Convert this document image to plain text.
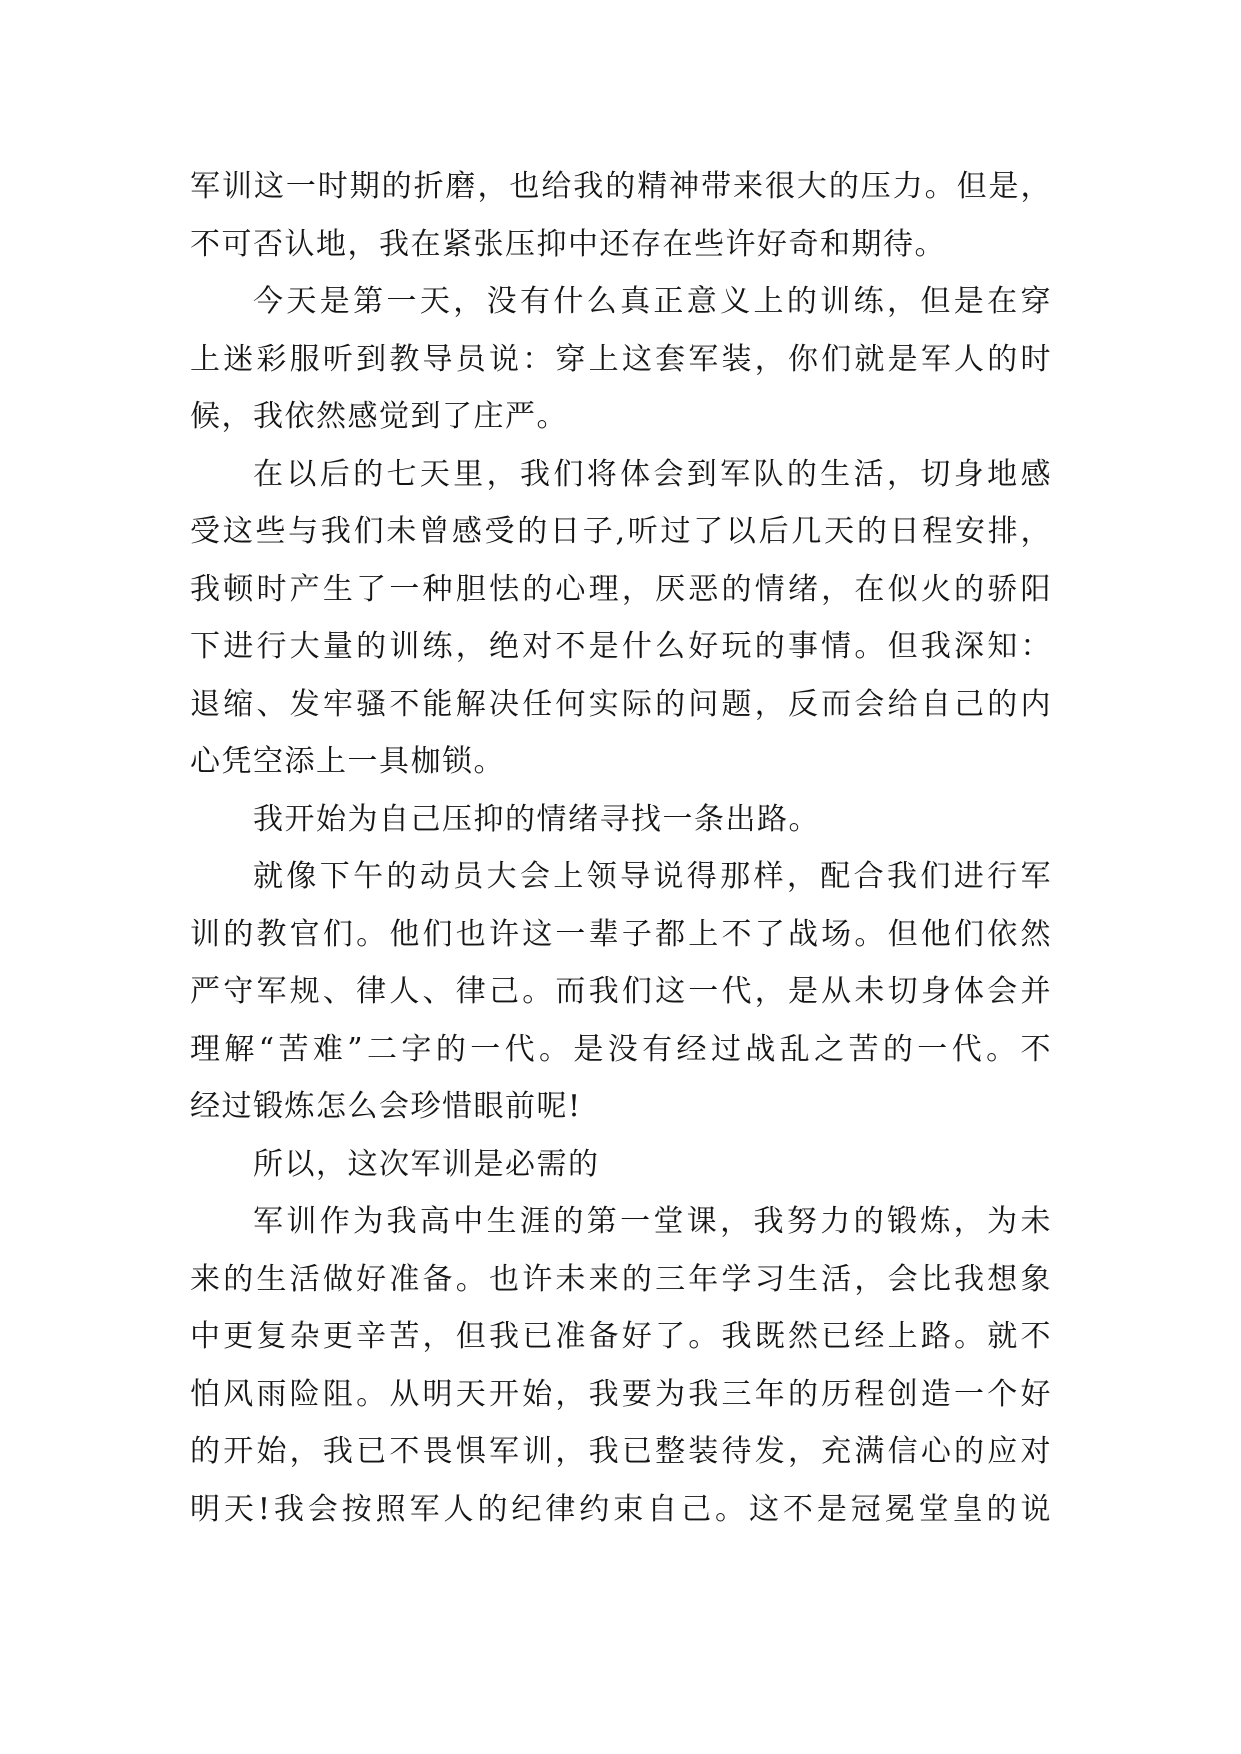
军训这一时期的折磨，也给我的精神带来很大的压力。但是，
不可否认地，我在紧张压抑中还存在些许好奇和期待。
今天是第一天，没有什么真正意义上的训练，但是在穿
上迷彩服听到教导员说：穿上这套军装，你们就是军人的时
候，我依然感觉到了庄严。
在以后的七天里，我们将体会到军队的生活，切身地感
受这些与我们未曾感受的日子,听过了以后几天的日程安排，
我顿时产生了一种胆怯的心理，厌恶的情绪，在似火的骄阳
下进行大量的训练，绝对不是什么好玩的事情。但我深知：
退缩、发牢骚不能解决任何实际的问题，反而会给自己的内
心凭空添上一具枷锁。
我开始为自己压抑的情绪寻找一条出路。
就像下午的动员大会上领导说得那样，配合我们进行军
训的教官们。他们也许这一辈子都上不了战场。但他们依然
严守军规、律人、律己。而我们这一代，是从未切身体会并
理解“苦难”二字的一代。是没有经过战乱之苦的一代。不
经过锻炼怎么会珍惜眼前呢!
所以，这次军训是必需的
军训作为我高中生涯的第一堂课，我努力的锻炼，为未
来的生活做好准备。也许未来的三年学习生活，会比我想象
中更复杂更辛苦，但我已准备好了。我既然已经上路。就不
怕风雨险阻。从明天开始，我要为我三年的历程创造一个好
的开始，我已不畏惧军训，我已整装待发，充满信心的应对
明天!我会按照军人的纪律约束自己。这不是冠冕堂皇的说
